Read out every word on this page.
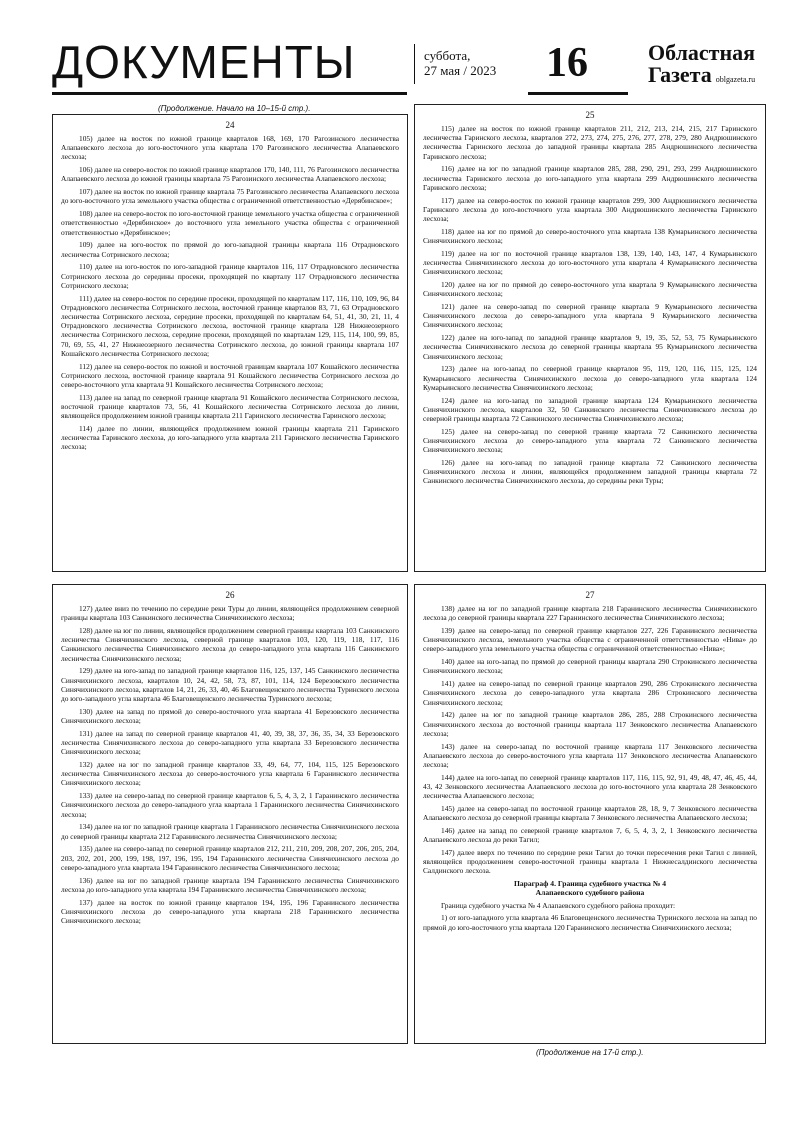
ДОКУМЕНТЫ	суббота,
27 мая / 2023 16	Областная
Газета oblgazeta.ru
(Продолжение. Начало на 10–15-й стр.).
24

105) далее на восток по южной границе кварталов 168, 169, 170 Рагозинского лесничества Алапаевского лесхоза до юго-восточного угла квартала 170 Рагозинского лесничества Алапаевского лесхоза;

106) далее на северо-восток по южной границе кварталов 170, 140, 111, 76 Рагозинского лесничества Алапаевского лесхоза до южной границы квартала 75 Рагозинского лесничества Алапаевского лесхоза;

107) далее на восток по южной границе квартала 75 Рагозинского лесничества Алапаевского лесхоза до юго-восточного угла земельного участка общества с ограниченной ответственностью «Дерябинское»;

108) далее на северо-восток по юго-восточной границе земельного участка общества с ограниченной ответственностью «Дерябинское» до восточного угла земельного участка общества с ограниченной ответственностью «Дерябинское»;

109) далее на юго-восток по прямой до юго-западной границы квартала 116 Отрадновского лесничества Сотринского лесхоза;

110) далее на юго-восток по юго-западной границе кварталов 116, 117 Отрадновского лесничества Сотринского лесхоза до середины просеки, проходящей по кварталу 117 Отрадновского лесничества Сотринского лесхоза;

111) далее на северо-восток по середине просеки, проходящей по кварталам 117, 116, 110, 109, 96, 84 Отрадновского лесничества Сотринского лесхоза, восточной границе кварталов 83, 71, 63 Отрадновского лесничества Сотринского лесхоза, середине просеки, проходящей по кварталам 64, 51, 41, 30, 21, 11, 4 Отрадновского лесничества Сотринского лесхоза, восточной границе квартала 128 Нижнеозерного лесничества Сотринского лесхоза, середине просеки, проходящей по кварталам 129, 115, 114, 100, 99, 85, 70, 69, 55, 41, 27 Нижнеозерного лесничества Сотринского лесхоза, до южной границы квартала 107 Кошайского лесничества Сотринского лесхоза;

112) далее на северо-восток по южной и восточной границам квартала 107 Кошайского лесничества Сотринского лесхоза, восточной границе квартала 91 Кошайского лесничества Сотринского лесхоза до северо-восточного угла квартала 91 Кошайского лесничества Сотринского лесхоза;

113) далее на запад по северной границе квартала 91 Кошайского лесничества Сотринского лесхоза, восточной границе кварталов 73, 56, 41 Кошайского лесничества Сотринского лесхоза до линии, являющейся продолжением южной границы квартала 211 Гаринского лесничества Гаринского лесхоза;

114) далее по линии, являющейся продолжением южной границы квартала 211 Гаринского лесничества Гаринского лесхоза, до юго-западного угла квартала 211 Гаринского лесничества Гаринского лесхоза;

25

115) далее на восток по южной границе кварталов 211, 212, 213, 214, 215, 217 Гаринского лесничества Гаринского лесхоза, кварталов 272, 273, 274, 275, 276, 277, 278, 279, 280 Андрюшинского лесничества Гаринского лесхоза до западной границы квартала 285 Андрюшинского лесничества Гаринского лесхоза;

116) далее на юг по западной границе кварталов 285, 288, 290, 291, 293, 299 Андрюшинского лесничества Гаринского лесхоза до юго-западного угла квартала 299 Андрюшинского лесничества Гаринского лесхоза;

117) далее на северо-восток по южной границе кварталов 299, 300 Андрюшинского лесничества Гаринского лесхоза до юго-восточного угла квартала 300 Андрюшинского лесничества Гаринского лесхоза;

118) далее на юг по прямой до северо-восточного угла квартала 138 Кумарьинского лесничества Синячихинского лесхоза;

119) далее на юг по восточной границе кварталов 138, 139, 140, 143, 147, 4 Кумарьинского лесничества Синячихинского лесхоза до юго-восточного угла квартала 4 Кумарьинского лесничества Синячихинского лесхоза;

120) далее на юг по прямой до северо-восточного угла квартала 9 Кумарьинского лесничества Синячихинского лесхоза;

121) далее на северо-запад по северной границе квартала 9 Кумарьинского лесничества Синячихинского лесхоза до северо-западного угла квартала 9 Кумарьинского лесничества Синячихинского лесхоза;

122) далее на юго-запад по западной границе кварталов 9, 19, 35, 52, 53, 75 Кумарьинского лесничества Синячихинского лесхоза до северной границы квартала 95 Кумарьинского лесничества Синячихинского лесхоза;

123) далее на юго-запад по северной границе кварталов 95, 119, 120, 116, 115, 125, 124 Кумарьинского лесничества Синячихинского лесхоза до северо-западного угла квартала 124 Кумарьинского лесничества Синячихинского лесхоза;

124) далее на юго-запад по западной границе квартала 124 Кумарьинского лесничества Синячихинского лесхоза, кварталов 32, 50 Санкинского лесничества Синячихинского лесхоза до северной границы квартала 72 Санкинского лесничества Синячихинского лесхоза;

125) далее на северо-запад по северной границе квартала 72 Санкинского лесничества Синячихинского лесхоза до северо-западного угла квартала 72 Санкинского лесничества Синячихинского лесхоза;

126) далее на юго-запад по западной границе квартала 72 Санкинского лесничества Синячихинского лесхоза и линии, являющейся продолжением западной границы квартала 72 Санкинского лесничества Синячихинского лесхоза, до середины реки Туры;

26

127) далее вниз по течению по середине реки Туры до линии, являющейся продолжением северной границы квартала 103 Санкинского лесничества Синячихинского лесхоза;

128) далее на юг по линии, являющейся продолжением северной границы квартала 103 Санкинского лесничества Синячихинского лесхоза, северной границе кварталов 103, 120, 119, 118, 117, 116 Санкинского лесничества Синячихинского лесхоза до северо-западного угла квартала 116 Санкинского лесничества Синячихинского лесхоза;

129) далее на юго-запад по западной границе кварталов 116, 125, 137, 145 Санкинского лесничества Синячихинского лесхоза, кварталов 10, 24, 42, 58, 73, 87, 101, 114, 124 Березовского лесничества Синячихинского лесхоза, кварталов 14, 21, 26, 33, 40, 46 Благовещенского лесничества Туринского лесхоза до юго-западного угла квартала 46 Благовещенского лесничества Туринского лесхоза;

130) далее на запад по прямой до северо-восточного угла квартала 41 Березовского лесничества Синячихинского лесхоза;

131) далее на запад по северной границе кварталов 41, 40, 39, 38, 37, 36, 35, 34, 33 Березовского лесничества Синячихинского лесхоза до северо-западного угла квартала 33 Березовского лесничества Синячихинского лесхоза;

132) далее на юг по западной границе кварталов 33, 49, 64, 77, 104, 115, 125 Березовского лесничества Синячихинского лесхоза до северо-восточного угла квартала 6 Гаранинского лесничества Синячихинского лесхоза;

133) далее на северо-запад по северной границе кварталов 6, 5, 4, 3, 2, 1 Гаранинского лесничества Синячихинского лесхоза до северо-западного угла квартала 1 Гаранинского лесничества Синячихинского лесхоза;

134) далее на юг по западной границе квартала 1 Гаранинского лесничества Синячихинского лесхоза до северной границы квартала 212 Гаранинского лесничества Синячихинского лесхоза;

135) далее на северо-запад по северной границе кварталов 212, 211, 210, 209, 208, 207, 206, 205, 204, 203, 202, 201, 200, 199, 198, 197, 196, 195, 194 Гаранинского лесничества Синячихинского лесхоза до северо-западного угла квартала 194 Гаранинского лесничества Синячихинского лесхоза;

136) далее на юг по западной границе квартала 194 Гаранинского лесничества Синячихинского лесхоза до юго-западного угла квартала 194 Гаранинского лесничества Синячихинского лесхоза;

137) далее на восток по южной границе кварталов 194, 195, 196 Гаранинского лесничества Синячихинского лесхоза до северо-западного угла квартала 218 Гаранинского лесничества Синячихинского лесхоза;

27

138) далее на юг по западной границе квартала 218 Гаранинского лесничества Синячихинского лесхоза до северной границы квартала 227 Гаранинского лесничества Синячихинского лесхоза;

139) далее на северо-запад по северной границе кварталов 227, 226 Гаранинского лесничества Синячихинского лесхоза, земельного участка общества с ограниченной ответственностью «Нива» до северо-западного угла земельного участка общества с ограниченной ответственностью «Нива»;

140) далее на юго-запад по прямой до северной границы квартала 290 Строкинского лесничества Синячихинского лесхоза;

141) далее на северо-запад по северной границе кварталов 290, 286 Строкинского лесничества Синячихинского лесхоза до северо-западного угла квартала 286 Строкинского лесничества Синячихинского лесхоза;

142) далее на юг по западной границе кварталов 286, 285, 288 Строкинского лесничества Синячихинского лесхоза до восточной границы квартала 117 Зенковского лесничества Алапаевского лесхоза;

143) далее на северо-запад по восточной границе квартала 117 Зенковского лесничества Алапаевского лесхоза до северо-восточного угла квартала 117 Зенковского лесничества Алапаевского лесхоза;

144) далее на юго-запад по северной границе кварталов 117, 116, 115, 92, 91, 49, 48, 47, 46, 45, 44, 43, 42 Зенковского лесничества Алапаевского лесхоза до юго-восточного угла квартала 28 Зенковского лесничества Алапаевского лесхоза;

145) далее на северо-запад по восточной границе кварталов 28, 18, 9, 7 Зенковского лесничества Алапаевского лесхоза до северной границы квартала 7 Зенковского лесничества Алапаевского лесхоза;

146) далее на запад по северной границе кварталов 7, 6, 5, 4, 3, 2, 1 Зенковского лесничества Алапаевского лесхоза до реки Тагил;

147) далее вверх по течению по середине реки Тагил до точки пересечения реки Тагил с линией, являющейся продолжением северо-восточной границы квартала 1 Нижнесалдинского лесничества Салдинского лесхоза.

Параграф 4. Граница судебного участка № 4
Алапаевского судебного района

Граница судебного участка № 4 Алапаевского судебного района проходит:

1) от юго-западного угла квартала 46 Благовещенского лесничества Туринского лесхоза на запад по прямой до юго-восточного угла квартала 120 Гаранинского лесничества Синячихинского лесхоза;

(Продолжение на 17-й стр.).
